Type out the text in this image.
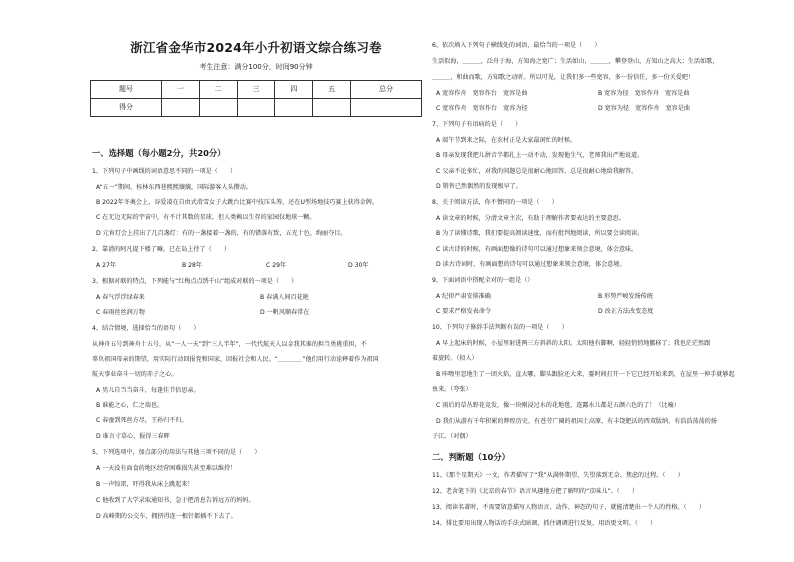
浙江省金华市2024年小升初语文综合练习卷
考生注意：满分100分，时间90分钟
题号	一	二	三	四	五	总分
得分						
一、选择题（每小题2分，共20分）
1、下列句子中画线的词语意思不同的一项是（　　）
A“五一”期间，桂林东西巷熙熙攘攘，国际游客人头攒动。
B 2022年冬奥会上，谷爱凌在自由式滑雪女子大跳台比赛中技压头筹，还在U型场地技巧赛上获得金牌。
C 在无边无际的宇宙中，有不计其数的星球，但人类赖以生存的家园仅地球一颗。
D 元宵灯会上挂出了几百盏灯：有的一盏接着一盏的，有的错落有致，五光十色，绚丽夺目。
2、靠谱的阿凡提下楼了嘛，已在岛上待了（　　）
A 27年	B 28年	C 29年	D 30年
3、根据对联的特点，下列能与“红梅点点绣千山”组成对联的一项是（　　）
A 春气浮浮绿春来	B 春满人间百花艳
C 春雨丝丝润万物	D 一帆风顺春常在
4、结合情境，选择恰当的语句（　　）
从神舟五号到神舟十五号，从“一人一天”到“三人半年”，一代代航天人以金我其谁的担当勇挑重担，不
辜负祖国母亲的期望，用实际行动回报党和国家，回报社会和人民。“＿＿＿＿”他们用行动诠释着作为祖国
航天事业奋斗一切的赤子之心。
A 男儿自当当奋斗，每逢佳节倍思亲。
B 谁能之心，仁之端也。
C 春蚕到死丝方尽，王孙归不归。
D 谁言寸草心，报得三春晖
5、下列选项中，加点部分的用法与其他三项不同的是（　　）
A 一天没有面食的地区经营困难损失甚至难以维持！
B 一声惊雷，吓得我从床上跳起来！
C 他收到了大学录取通知书，急于把消息告诉远方的妈妈。
D 高峰期的公交车，拥挤得连一根针都插不下去了。
6、依次填入下列句子横线处的词语，最恰当的一项是（　　）
生活似海，＿＿＿，泛舟于海，方知海之宽广；生活如山，＿＿＿，攀登登山，方知山之高大；生活如歌，
＿＿＿，和曲而歌，方知歌之动听。所以可见，让我们多一些宽容，多一份信任，多一份关爱吧！
A 宽容作舟　宽容作台　宽容是曲	B 宽容为径　宽容作舟　宽容是曲
C 宽容作舟　宽容作台　宽容为径	D 宽容为径　宽容作舟　宽容是曲
7、下列句子有语病的是（　　）
A 端午节到来之际，在农村正是大家最闲忙的时候。
B 母亲发现我把儿拼音半都扎上一动不动，发现他生气，老师我出严地说道。
C 父亲不论多忙，对我的问题总是很耐心地回答，总是很耐心地给我解答。
D 销售已然偶然的发现极早了。
8、关于阅读方法，你不赞同的一项是（　　）
A 读文章的时候，分清文章主次，有助于理解作者要表达的主要意思。
B 为了读懂诗歌，我们要提高阅读速度，而有批判地阅读，所以要会读阅读。
C 读古诗的时候，有画面想像的诗句可以通过想象来领会意境，体会意味。
D 读古诗词时，有画面想的诗句可以通过想象来领会意境，体会意境。
9、下面词语中搭配全对的一组是（）
A 纪律严肃安排准确	B 形势严峻发扬传统
C 要求严格发表命令	D 改正方法改变态度
10、下列句子修辞手法判断有误的一项是（　　）
A 早上起床的时候，小屋里射进两三方斜斜的太阳。太阳他有脚啊，轻轻悄悄地挪移了；我也茫茫然跟
着旋转。（拟人）
B 咔嚓里忽地生了一团火焰，直大哪，脚头跟脸还大来，霎时间打开一下它已经开始来到，在屋里一伸手就够起
鱼来。（夸张）
C 雨后的草丛野花竞发，像一块刚浸过水的花地毯，连露水儿都是五颜六色的了！（比喻）
D 我们从游有千年积累的辉煌历史，有苍劳广阔的祖国土高原，有丰饶肥沃的西双版纳，有浩浩荡荡的扬
子江。（对偶）
二、判断题（10分）
11、《那个星期天》一文，作者描写了“我”从满怀期望、失望落到无奈、焦虑的过程。（　　）
12、老舍笔下的《北京的春节》语言风趣地方把了解明的“京味儿”。（　　）
13、阅读名著时，不需要留意描写人物语言、动作、神态的句子，就能清楚出一个人的性格。（　　）
14、排比要用出现人物话的手法式暗调，抓住调调进行反复，用语更文明。（　　）
